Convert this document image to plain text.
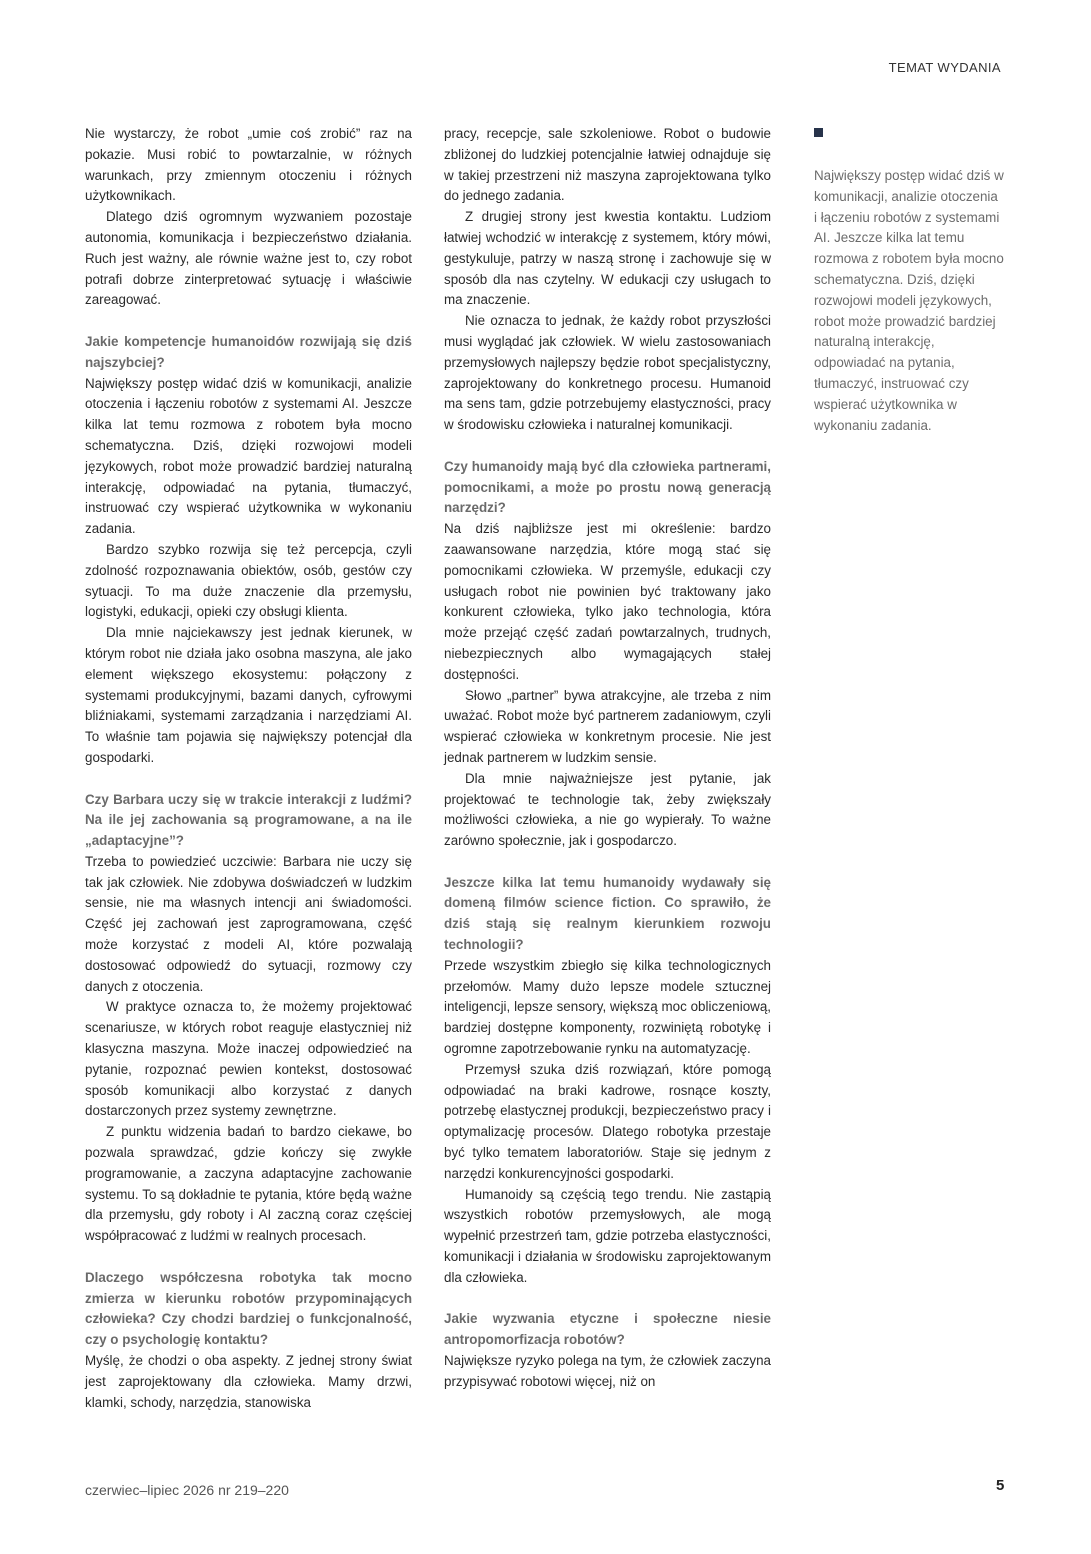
TEMAT WYDANIA

Nie wystarczy, że robot „umie coś zrobić” raz na pokazie. Musi robić to powtarzalnie, w różnych warunkach, przy zmiennym otoczeniu i różnych użytkownikach.

Dlatego dziś ogromnym wyzwaniem pozostaje autonomia, komunikacja i bezpieczeństwo działania. Ruch jest ważny, ale równie ważne jest to, czy robot potrafi dobrze zinterpretować sytuację i właściwie zareagować.

Jakie kompetencje humanoidów rozwijają się dziś najszybciej?

Największy postęp widać dziś w komunikacji, analizie otoczenia i łączeniu robotów z systemami AI. Jeszcze kilka lat temu rozmowa z robotem była mocno schematyczna. Dziś, dzięki rozwojowi modeli językowych, robot może prowadzić bardziej naturalną interakcję, odpowiadać na pytania, tłumaczyć, instruować czy wspierać użytkownika w wykonaniu zadania.

Bardzo szybko rozwija się też percepcja, czyli zdolność rozpoznawania obiektów, osób, gestów czy sytuacji. To ma duże znaczenie dla przemysłu, logistyki, edukacji, opieki czy obsługi klienta.

Dla mnie najciekawszy jest jednak kierunek, w którym robot nie działa jako osobna maszyna, ale jako element większego ekosystemu: połączony z systemami produkcyjnymi, bazami danych, cyfrowymi bliźniakami, systemami zarządzania i narzędziami AI. To właśnie tam pojawia się największy potencjał dla gospodarki.

Czy Barbara uczy się w trakcie interakcji z ludźmi? Na ile jej zachowania są programowane, a na ile „adaptacyjne”?

Trzeba to powiedzieć uczciwie: Barbara nie uczy się tak jak człowiek. Nie zdobywa doświadczeń w ludzkim sensie, nie ma własnych intencji ani świadomości. Część jej zachowań jest zaprogramowana, część może korzystać z modeli AI, które pozwalają dostosować odpowiedź do sytuacji, rozmowy czy danych z otoczenia.

W praktyce oznacza to, że możemy projektować scenariusze, w których robot reaguje elastyczniej niż klasyczna maszyna. Może inaczej odpowiedzieć na pytanie, rozpoznać pewien kontekst, dostosować sposób komunikacji albo korzystać z danych dostarczonych przez systemy zewnętrzne.

Z punktu widzenia badań to bardzo ciekawe, bo pozwala sprawdzać, gdzie kończy się zwykłe programowanie, a zaczyna adaptacyjne zachowanie systemu. To są dokładnie te pytania, które będą ważne dla przemysłu, gdy roboty i AI zaczną coraz częściej współpracować z ludźmi w realnych procesach.

Dlaczego współczesna robotyka tak mocno zmierza w kierunku robotów przypominających człowieka? Czy chodzi bardziej o funkcjonalność, czy o psychologię kontaktu?

Myślę, że chodzi o oba aspekty. Z jednej strony świat jest zaprojektowany dla człowieka. Mamy drzwi, klamki, schody, narzędzia, stanowiska

pracy, recepcje, sale szkoleniowe. Robot o budowie zbliżonej do ludzkiej potencjalnie łatwiej odnajduje się w takiej przestrzeni niż maszyna zaprojektowana tylko do jednego zadania.

Z drugiej strony jest kwestia kontaktu. Ludziom łatwiej wchodzić w interakcję z systemem, który mówi, gestykuluje, patrzy w naszą stronę i zachowuje się w sposób dla nas czytelny. W edukacji czy usługach to ma znaczenie.

Nie oznacza to jednak, że każdy robot przyszłości musi wyglądać jak człowiek. W wielu zastosowaniach przemysłowych najlepszy będzie robot specjalistyczny, zaprojektowany do konkretnego procesu. Humanoid ma sens tam, gdzie potrzebujemy elastyczności, pracy w środowisku człowieka i naturalnej komunikacji.

Czy humanoidy mają być dla człowieka partnerami, pomocnikami, a może po prostu nową generacją narzędzi?

Na dziś najbliższe jest mi określenie: bardzo zaawansowane narzędzia, które mogą stać się pomocnikami człowieka. W przemyśle, edukacji czy usługach robot nie powinien być traktowany jako konkurent człowieka, tylko jako technologia, która może przejąć część zadań powtarzalnych, trudnych, niebezpiecznych albo wymagających stałej dostępności.

Słowo „partner” bywa atrakcyjne, ale trzeba z nim uważać. Robot może być partnerem zadaniowym, czyli wspierać człowieka w konkretnym procesie. Nie jest jednak partnerem w ludzkim sensie.

Dla mnie najważniejsze jest pytanie, jak projektować te technologie tak, żeby zwiększały możliwości człowieka, a nie go wypierały. To ważne zarówno społecznie, jak i gospodarczo.

Jeszcze kilka lat temu humanoidy wydawały się domeną filmów science fiction. Co sprawiło, że dziś stają się realnym kierunkiem rozwoju technologii?

Przede wszystkim zbiegło się kilka technologicznych przełomów. Mamy dużo lepsze modele sztucznej inteligencji, lepsze sensory, większą moc obliczeniową, bardziej dostępne komponenty, rozwiniętą robotykę i ogromne zapotrzebowanie rynku na automatyzację.

Przemysł szuka dziś rozwiązań, które pomogą odpowiadać na braki kadrowe, rosnące koszty, potrzebę elastycznej produkcji, bezpieczeństwo pracy i optymalizację procesów. Dlatego robotyka przestaje być tylko tematem laboratoriów. Staje się jednym z narzędzi konkurencyjności gospodarki.

Humanoidy są częścią tego trendu. Nie zastąpią wszystkich robotów przemysłowych, ale mogą wypełnić przestrzeń tam, gdzie potrzeba elastyczności, komunikacji i działania w środowisku zaprojektowanym dla człowieka.

Jakie wyzwania etyczne i społeczne niesie antropomorfizacja robotów?

Największe ryzyko polega na tym, że człowiek zaczyna przypisywać robotowi więcej, niż on

Największy postęp widać dziś w komunikacji, analizie otoczenia i łączeniu robotów z systemami AI. Jeszcze kilka lat temu rozmowa z robotem była mocno schematyczna. Dziś, dzięki rozwojowi modeli językowych, robot może prowadzić bardziej naturalną interakcję, odpowiadać na pytania, tłumaczyć, instruować czy wspierać użytkownika w wykonaniu zadania.
czerwiec–lipiec 2026 nr 219–220	5
